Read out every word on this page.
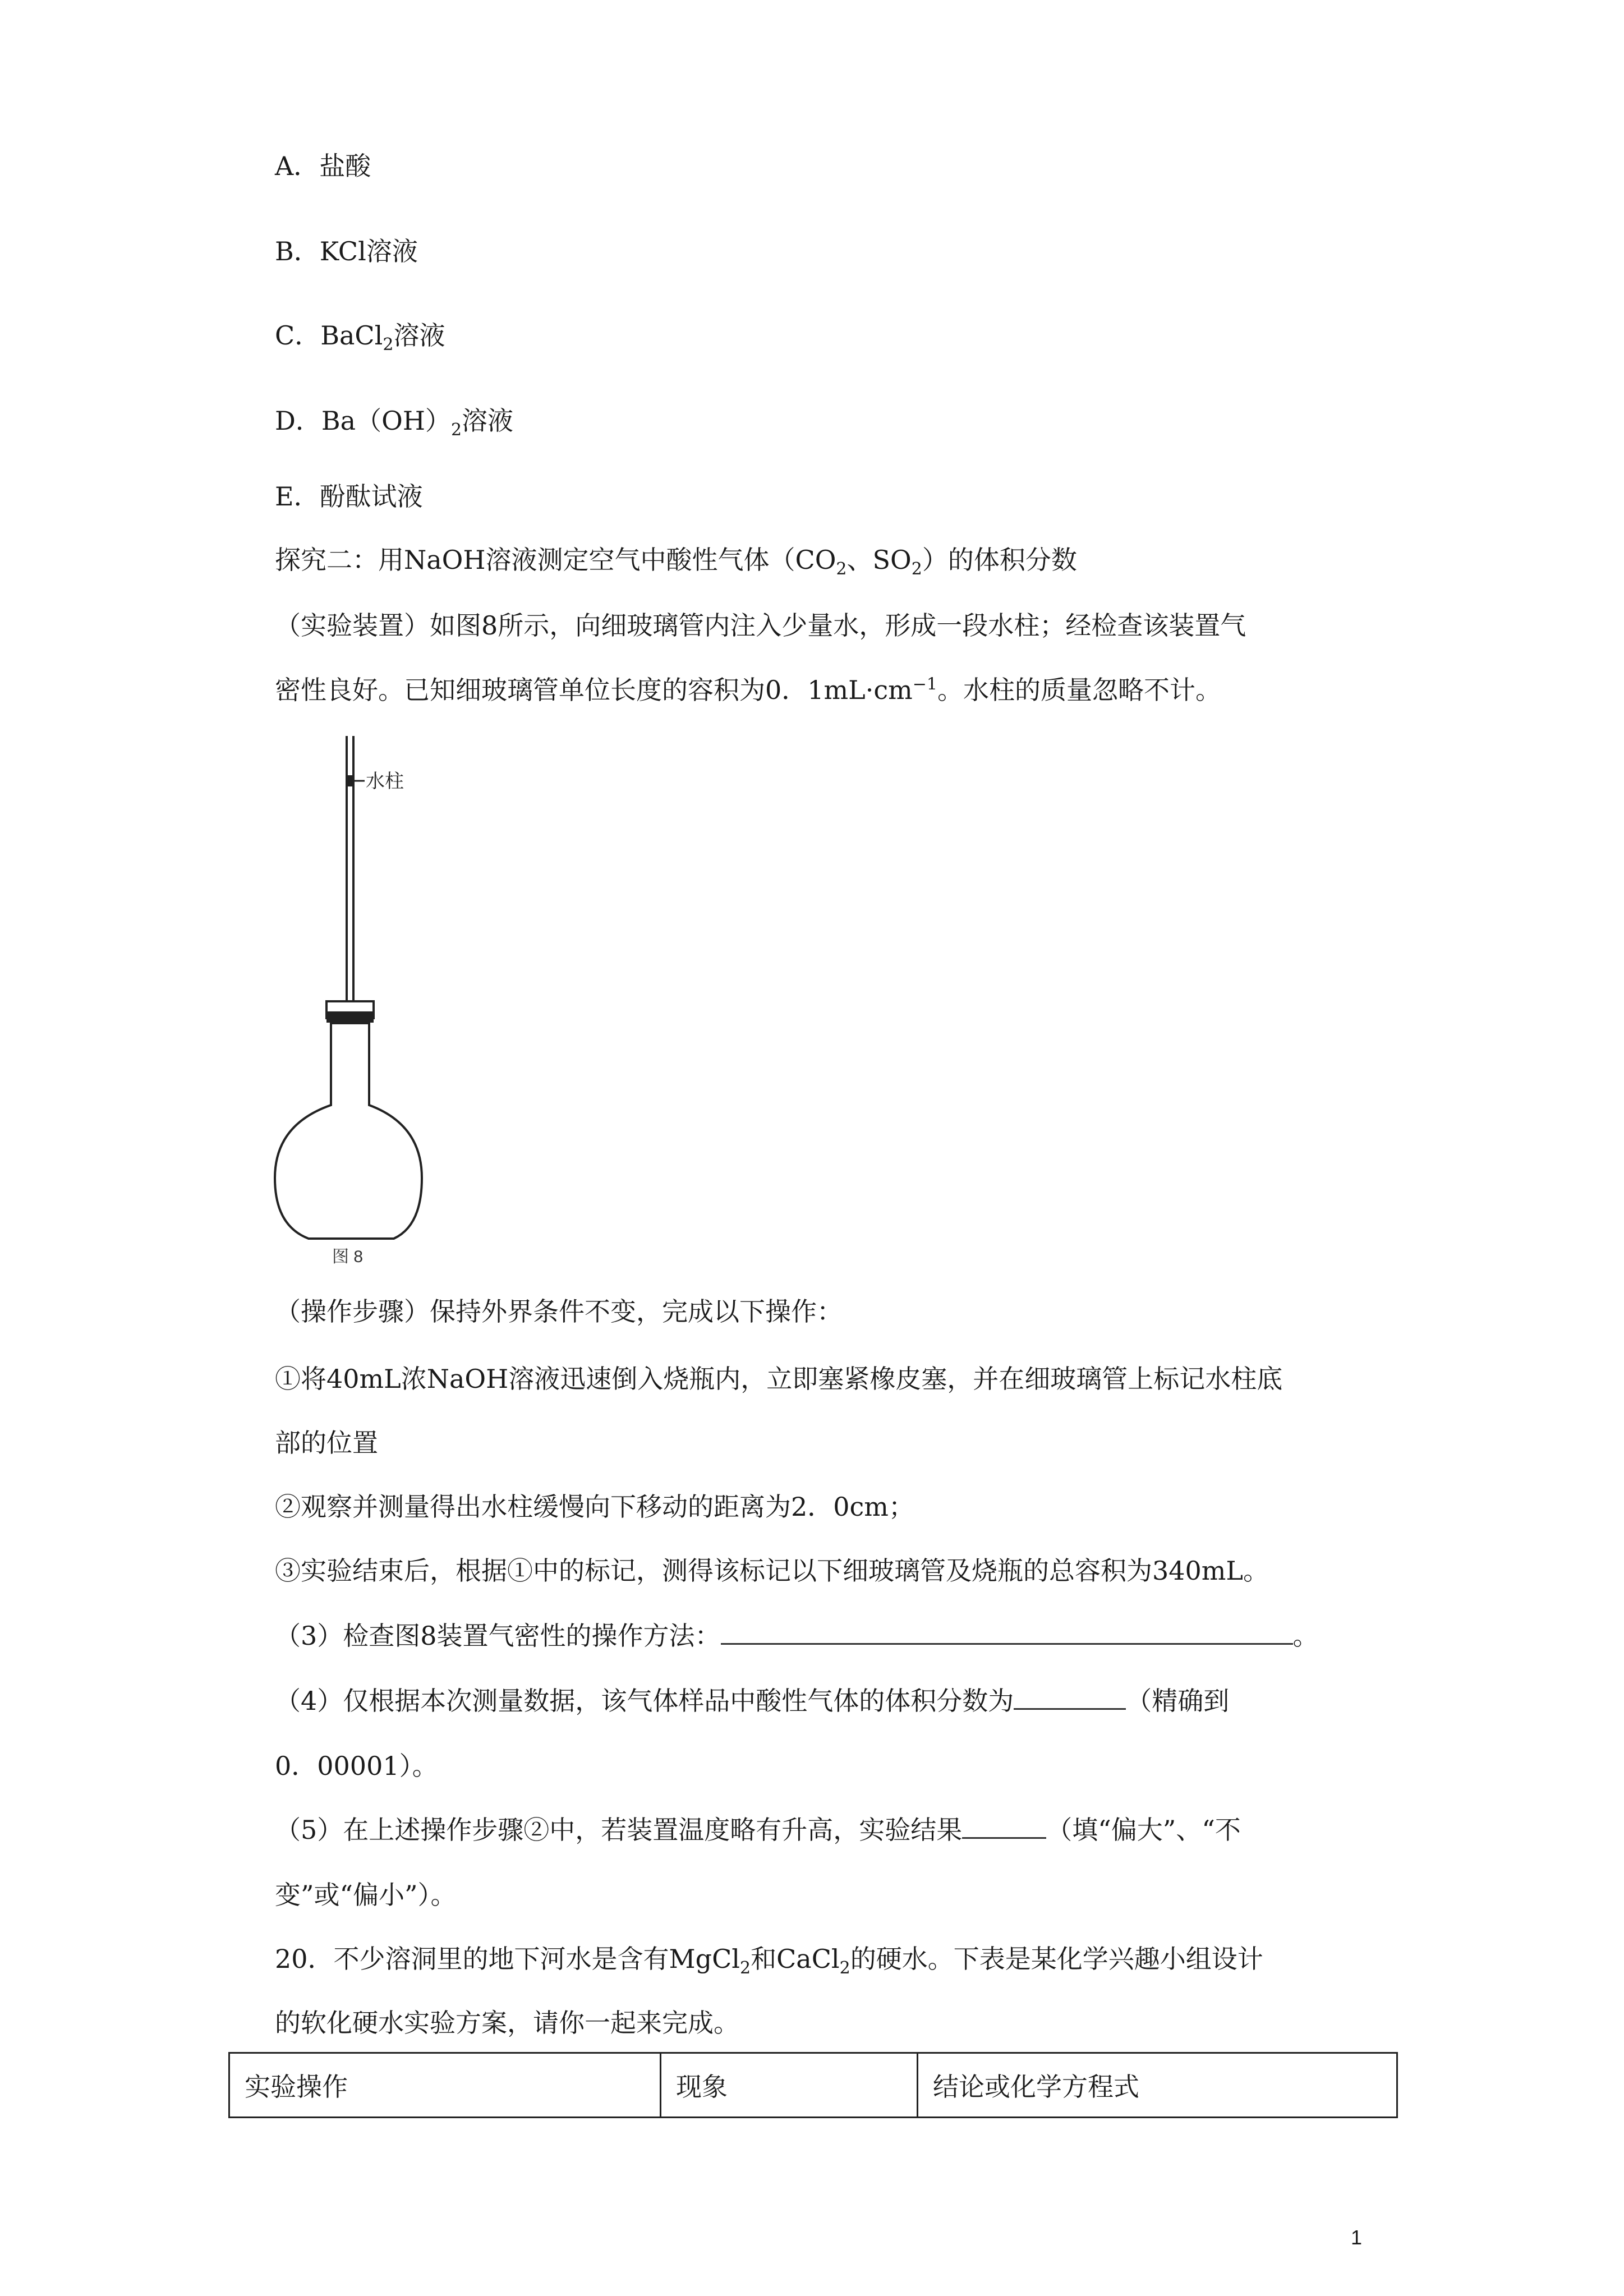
A．盐酸
B．KCl溶液
C．BaCl$_2$溶液
D．$Ba(OH)_2$溶液
E．酚酞试液
探究二：用NaOH溶液测定空气中酸性气体（$CO_2$、$SO_2$）的体积分数
（实验装置）如图8所示，向细玻璃管内注入少量水，形成一段水柱；经检查该装置气
密性良好。已知细玻璃管单位长度的容积为0．$1mL\cdot cm^{-1}$。水柱的质量忽略不计。
水柱
图 8
（操作步骤）保持外界条件不变，完成以下操作：
①将40mL浓NaOH溶液迅速倒入烧瓶内，立即塞紧橡皮塞，并在细玻璃管上标记水柱底
部的位置
②观察并测量得出水柱缓慢向下移动的距离为2．0cm；
③实验结束后，根据①中的标记，测得该标记以下细玻璃管及烧瓶的总容积为340mL。
（3）检查图8装置气密性的操作方法：	。
（4）仅根据本次测量数据，该气体样品中酸性气体的体积分数为	（精确到
0．00001）。
（5）在上述操作步骤②中，若装置温度略有升高，实验结果	（填“偏大”、“不
变”或“偏小”）。
20．不少溶洞里的地下河水是含有MgCl$_2$和CaCl$_2$的硬水。下表是某化学兴趣小组设计
的软化硬水实验方案，请你一起来完成。
实验操作	现象	结论或化学方程式
1
